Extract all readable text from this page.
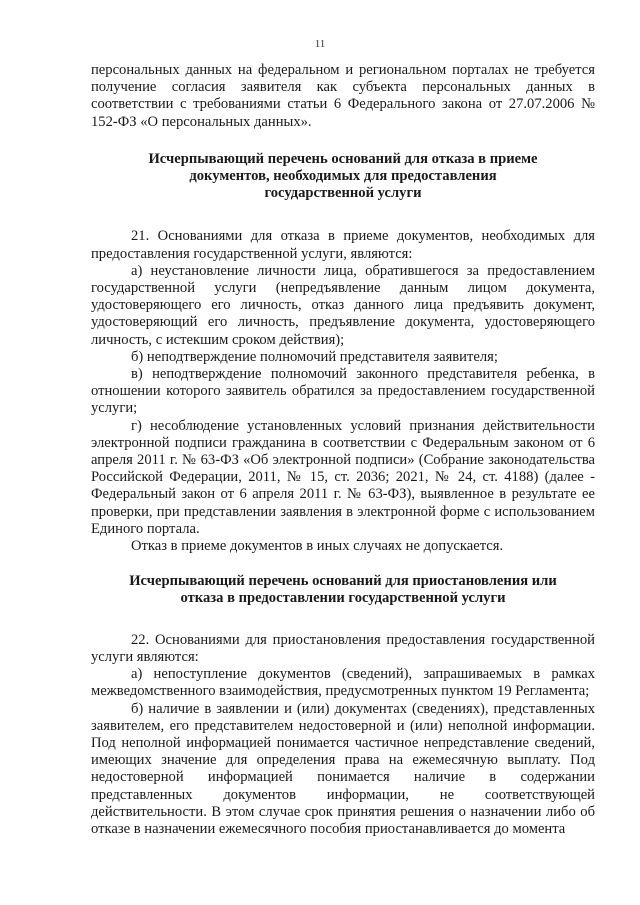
11

персональных данных на федеральном и региональном порталах не требуется получение согласия заявителя как субъекта персональных данных в соответствии с требованиями статьи 6 Федерального закона от 27.07.2006 № 152-ФЗ «О персональных данных».

Исчерпывающий перечень оснований для отказа в приеме
документов, необходимых для предоставления
государственной услуги

21. Основаниями для отказа в приеме документов, необходимых для предоставления государственной услуги, являются:

а) неустановление личности лица, обратившегося за предоставлением государственной услуги (непредъявление данным лицом документа, удостоверяющего его личность, отказ данного лица предъявить документ, удостоверяющий его личность, предъявление документа, удостоверяющего личность, с истекшим сроком действия);

б) неподтверждение полномочий представителя заявителя;

в) неподтверждение полномочий законного представителя ребенка, в отношении которого заявитель обратился за предоставлением государственной услуги;

г) несоблюдение установленных условий признания действительности электронной подписи гражданина в соответствии с Федеральным законом от 6 апреля 2011 г. № 63-ФЗ «Об электронной подписи» (Собрание законодательства Российской Федерации, 2011, № 15, ст. 2036; 2021, № 24, ст. 4188) (далее - Федеральный закон от 6 апреля 2011 г. № 63-ФЗ), выявленное в результате ее проверки, при представлении заявления в электронной форме с использованием Единого портала.

Отказ в приеме документов в иных случаях не допускается.

Исчерпывающий перечень оснований для приостановления или
отказа в предоставлении государственной услуги

22. Основаниями для приостановления предоставления государственной услуги являются:

а) непоступление документов (сведений), запрашиваемых в рамках межведомственного взаимодействия, предусмотренных пунктом 19 Регламента;

б) наличие в заявлении и (или) документах (сведениях), представленных заявителем, его представителем недостоверной и (или) неполной информации. Под неполной информацией понимается частичное непредставление сведений, имеющих значение для определения права на ежемесячную выплату. Под недостоверной информацией понимается наличие в содержании представленных документов информации, не соответствующей действительности. В этом случае срок принятия решения о назначении либо об отказе в назначении ежемесячного пособия приостанавливается до момента
